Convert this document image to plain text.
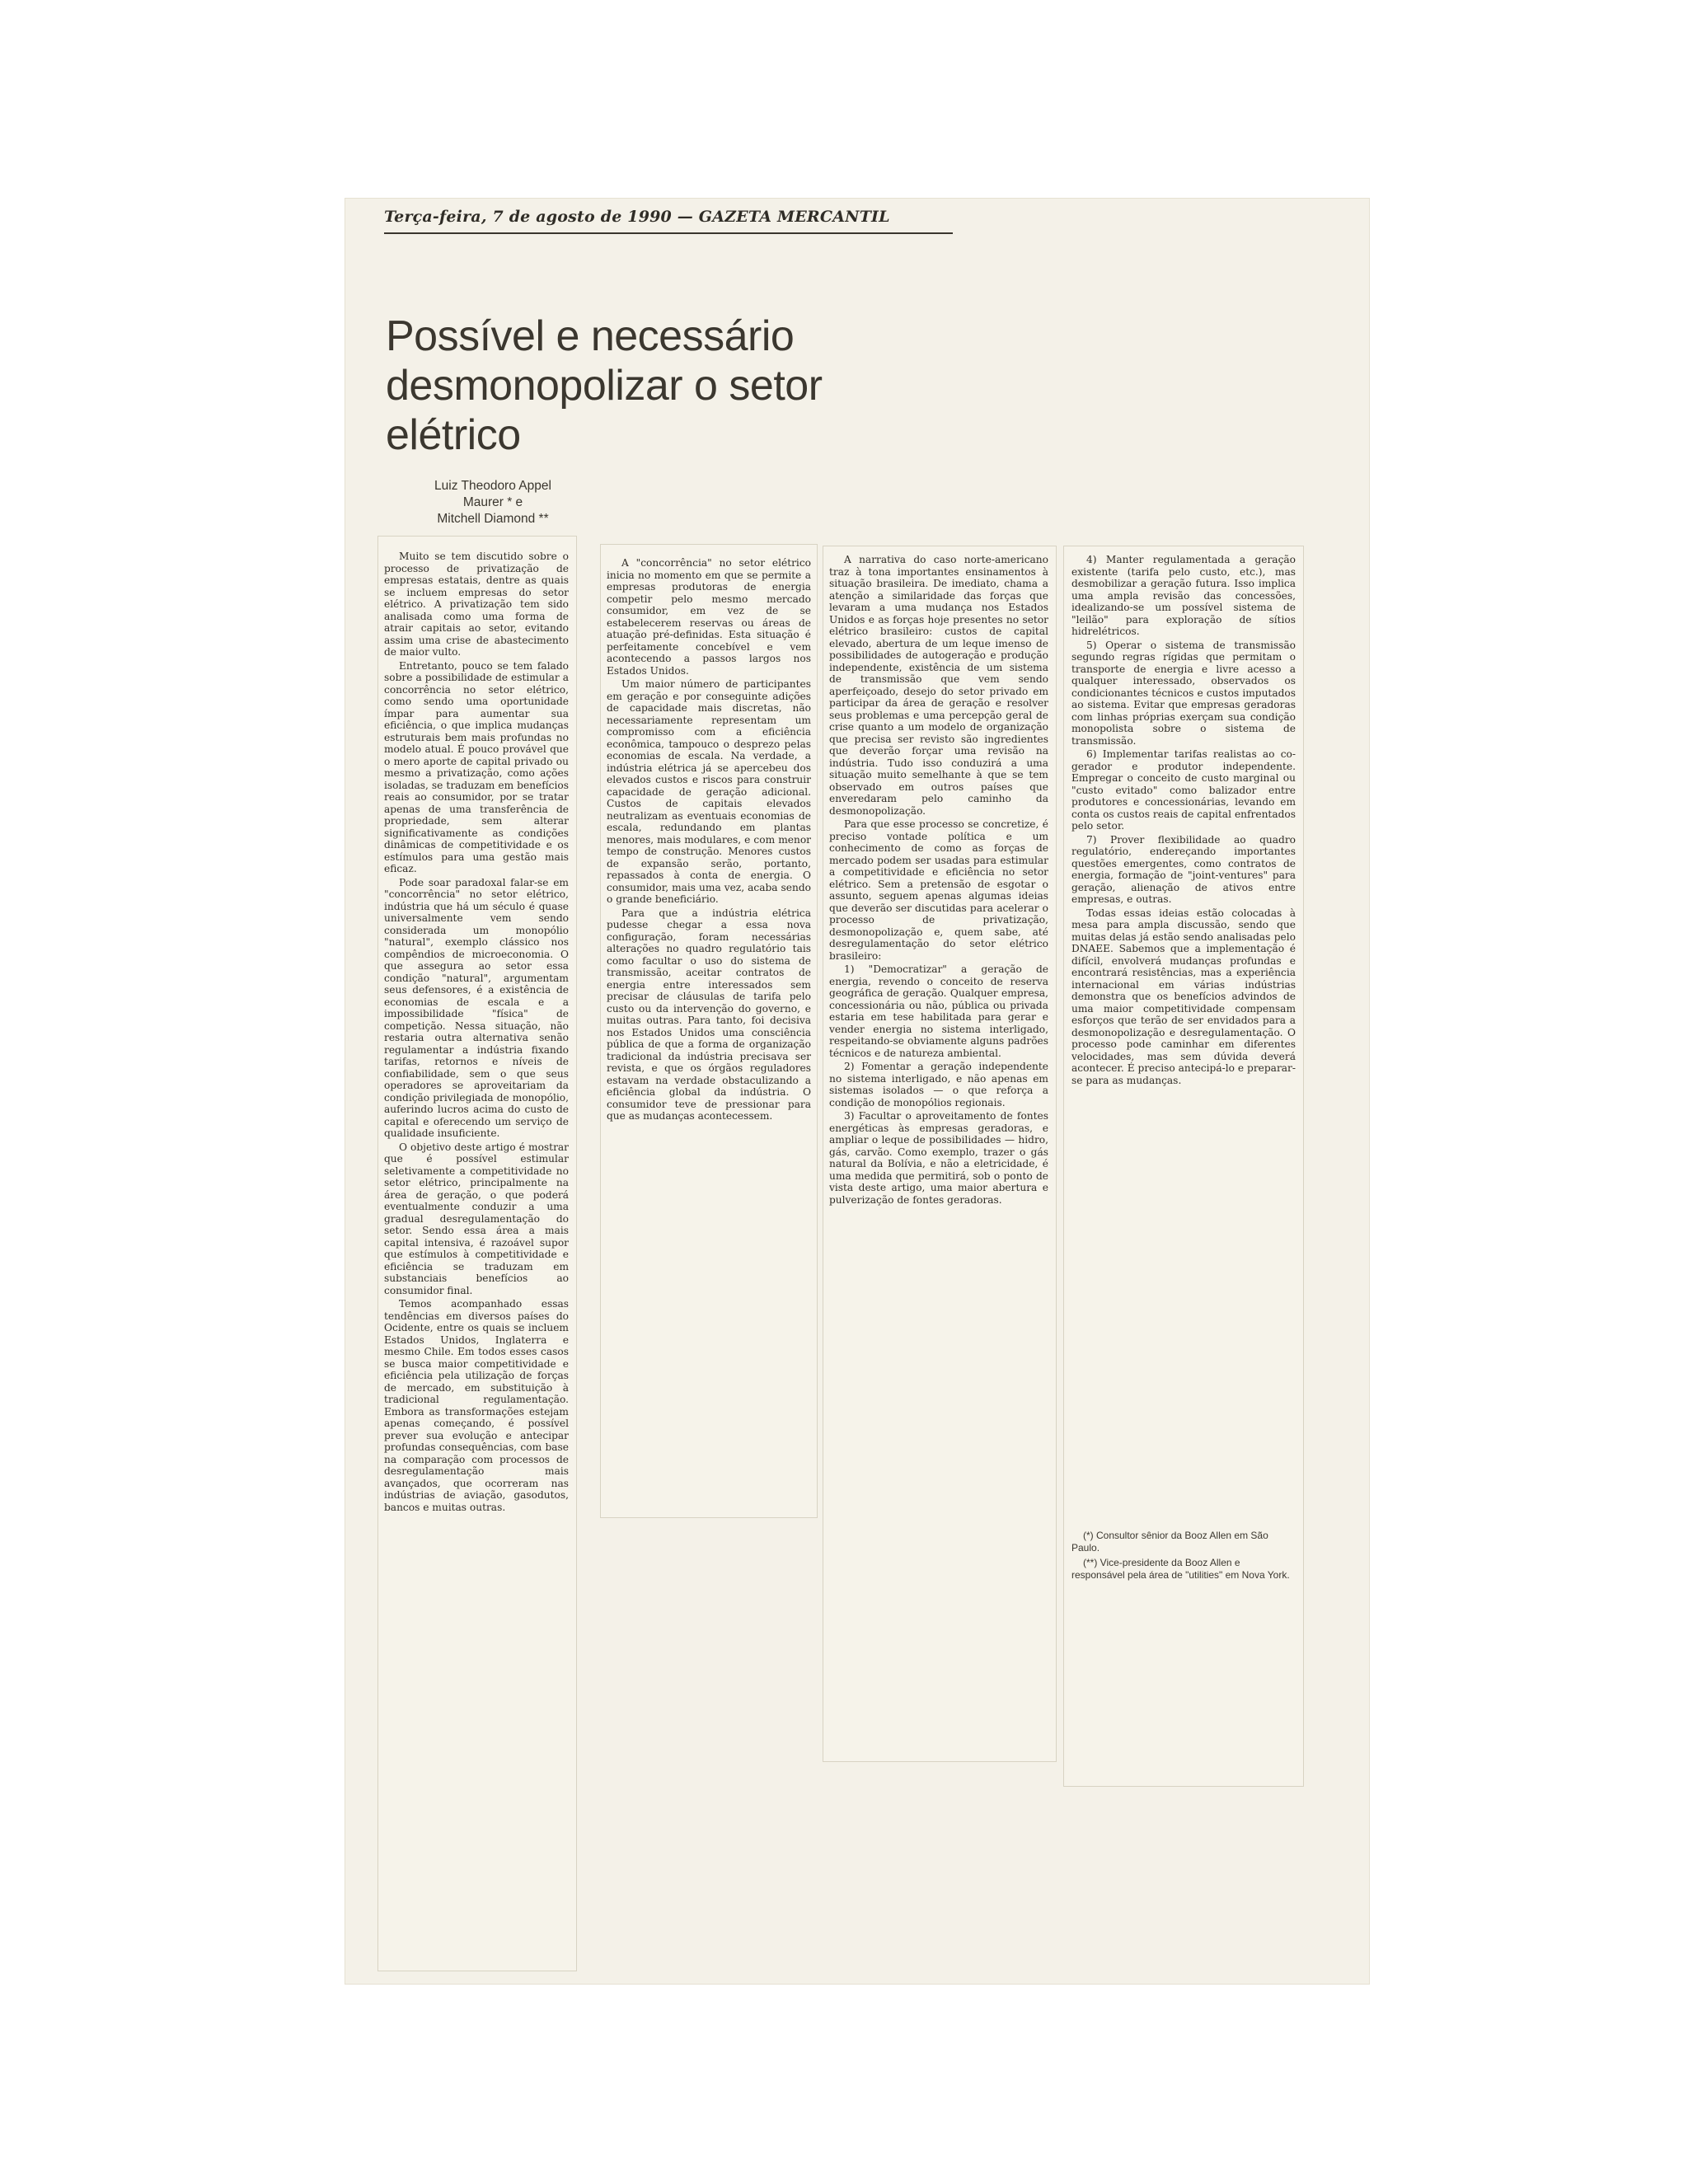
Terça-feira, 7 de agosto de 1990 — GAZETA MERCANTIL
Possível e necessário desmonopolizar o setor elétrico
Luiz Theodoro Appel
Maurer * e
Mitchell Diamond **

Muito se tem discutido sobre o processo de privatização de empresas estatais, dentre as quais se incluem empresas do setor elétrico. A privatização tem sido analisada como uma forma de atrair capitais ao setor, evitando assim uma crise de abastecimento de maior vulto.

Entretanto, pouco se tem falado sobre a possibilidade de estimular a concorrência no setor elétrico, como sendo uma oportunidade ímpar para aumentar sua eficiência, o que implica mudanças estruturais bem mais profundas no modelo atual. É pouco provável que o mero aporte de capital privado ou mesmo a privatização, como ações isoladas, se traduzam em benefícios reais ao consumidor, por se tratar apenas de uma transferência de propriedade, sem alterar significativamente as condições dinâmicas de competitividade e os estímulos para uma gestão mais eficaz.

Pode soar paradoxal falar-se em "concorrência" no setor elétrico, indústria que há um século é quase universalmente vem sendo considerada um monopólio "natural", exemplo clássico nos compêndios de microeconomia. O que assegura ao setor essa condição "natural", argumentam seus defensores, é a existência de economias de escala e a impossibilidade "física" de competição. Nessa situação, não restaria outra alternativa senão regulamentar a indústria fixando tarifas, retornos e níveis de confiabilidade, sem o que seus operadores se aproveitariam da condição privilegiada de monopólio, auferindo lucros acima do custo de capital e oferecendo um serviço de qualidade insuficiente.

O objetivo deste artigo é mostrar que é possível estimular seletivamente a competitividade no setor elétrico, principalmente na área de geração, o que poderá eventualmente conduzir a uma gradual desregulamentação do setor. Sendo essa área a mais capital intensiva, é razoável supor que estímulos à competitividade e eficiência se traduzam em substanciais benefícios ao consumidor final.

Temos acompanhado essas tendências em diversos países do Ocidente, entre os quais se incluem Estados Unidos, Inglaterra e mesmo Chile. Em todos esses casos se busca maior competitividade e eficiência pela utilização de forças de mercado, em substituição à tradicional regulamentação. Embora as transformações estejam apenas começando, é possível prever sua evolução e antecipar profundas consequências, com base na comparação com processos de desregulamentação mais avançados, que ocorreram nas indústrias de aviação, gasodutos, bancos e muitas outras.

A "concorrência" no setor elétrico inicia no momento em que se permite a empresas produtoras de energia competir pelo mesmo mercado consumidor, em vez de se estabelecerem reservas ou áreas de atuação pré-definidas. Esta situação é perfeitamente concebível e vem acontecendo a passos largos nos Estados Unidos.

Um maior número de participantes em geração e por conseguinte adições de capacidade mais discretas, não necessariamente representam um compromisso com a eficiência econômica, tampouco o desprezo pelas economias de escala. Na verdade, a indústria elétrica já se apercebeu dos elevados custos e riscos para construir capacidade de geração adicional. Custos de capitais elevados neutralizam as eventuais economias de escala, redundando em plantas menores, mais modulares, e com menor tempo de construção. Menores custos de expansão serão, portanto, repassados à conta de energia. O consumidor, mais uma vez, acaba sendo o grande beneficiário.

Para que a indústria elétrica pudesse chegar a essa nova configuração, foram necessárias alterações no quadro regulatório tais como facultar o uso do sistema de transmissão, aceitar contratos de energia entre interessados sem precisar de cláusulas de tarifa pelo custo ou da intervenção do governo, e muitas outras. Para tanto, foi decisiva nos Estados Unidos uma consciência pública de que a forma de organização tradicional da indústria precisava ser revista, e que os órgãos reguladores estavam na verdade obstaculizando a eficiência global da indústria. O consumidor teve de pressionar para que as mudanças acontecessem.

A narrativa do caso norte-americano traz à tona importantes ensinamentos à situação brasileira. De imediato, chama a atenção a similaridade das forças que levaram a uma mudança nos Estados Unidos e as forças hoje presentes no setor elétrico brasileiro: custos de capital elevado, abertura de um leque imenso de possibilidades de autogeração e produção independente, existência de um sistema de transmissão que vem sendo aperfeiçoado, desejo do setor privado em participar da área de geração e resolver seus problemas e uma percepção geral de crise quanto a um modelo de organização que precisa ser revisto são ingredientes que deverão forçar uma revisão na indústria. Tudo isso conduzirá a uma situação muito semelhante à que se tem observado em outros países que enveredaram pelo caminho da desmonopolização.

Para que esse processo se concretize, é preciso vontade política e um conhecimento de como as forças de mercado podem ser usadas para estimular a competitividade e eficiência no setor elétrico. Sem a pretensão de esgotar o assunto, seguem apenas algumas ideias que deverão ser discutidas para acelerar o processo de privatização, desmonopolização e, quem sabe, até desregulamentação do setor elétrico brasileiro:

1) "Democratizar" a geração de energia, revendo o conceito de reserva geográfica de geração. Qualquer empresa, concessionária ou não, pública ou privada estaria em tese habilitada para gerar e vender energia no sistema interligado, respeitando-se obviamente alguns padrões técnicos e de natureza ambiental.

2) Fomentar a geração independente no sistema interligado, e não apenas em sistemas isolados — o que reforça a condição de monopólios regionais.

3) Facultar o aproveitamento de fontes energéticas às empresas geradoras, e ampliar o leque de possibilidades — hidro, gás, carvão. Como exemplo, trazer o gás natural da Bolívia, e não a eletricidade, é uma medida que permitirá, sob o ponto de vista deste artigo, uma maior abertura e pulverização de fontes geradoras.

4) Manter regulamentada a geração existente (tarifa pelo custo, etc.), mas desmobilizar a geração futura. Isso implica uma ampla revisão das concessões, idealizando-se um possível sistema de "leilão" para exploração de sítios hidrelétricos.

5) Operar o sistema de transmissão segundo regras rígidas que permitam o transporte de energia e livre acesso a qualquer interessado, observados os condicionantes técnicos e custos imputados ao sistema. Evitar que empresas geradoras com linhas próprias exerçam sua condição monopolista sobre o sistema de transmissão.

6) Implementar tarifas realistas ao co-gerador e produtor independente. Empregar o conceito de custo marginal ou "custo evitado" como balizador entre produtores e concessionárias, levando em conta os custos reais de capital enfrentados pelo setor.

7) Prover flexibilidade ao quadro regulatório, endereçando importantes questões emergentes, como contratos de energia, formação de "joint-ventures" para geração, alienação de ativos entre empresas, e outras.

Todas essas ideias estão colocadas à mesa para ampla discussão, sendo que muitas delas já estão sendo analisadas pelo DNAEE. Sabemos que a implementação é difícil, envolverá mudanças profundas e encontrará resistências, mas a experiência internacional em várias indústrias demonstra que os benefícios advindos de uma maior competitividade compensam esforços que terão de ser envidados para a desmonopolização e desregulamentação. O processo pode caminhar em diferentes velocidades, mas sem dúvida deverá acontecer. É preciso antecipá-lo e preparar-se para as mudanças.

(*) Consultor sênior da Booz Allen em São Paulo.

(**) Vice-presidente da Booz Allen e responsável pela área de "utilities" em Nova York.
